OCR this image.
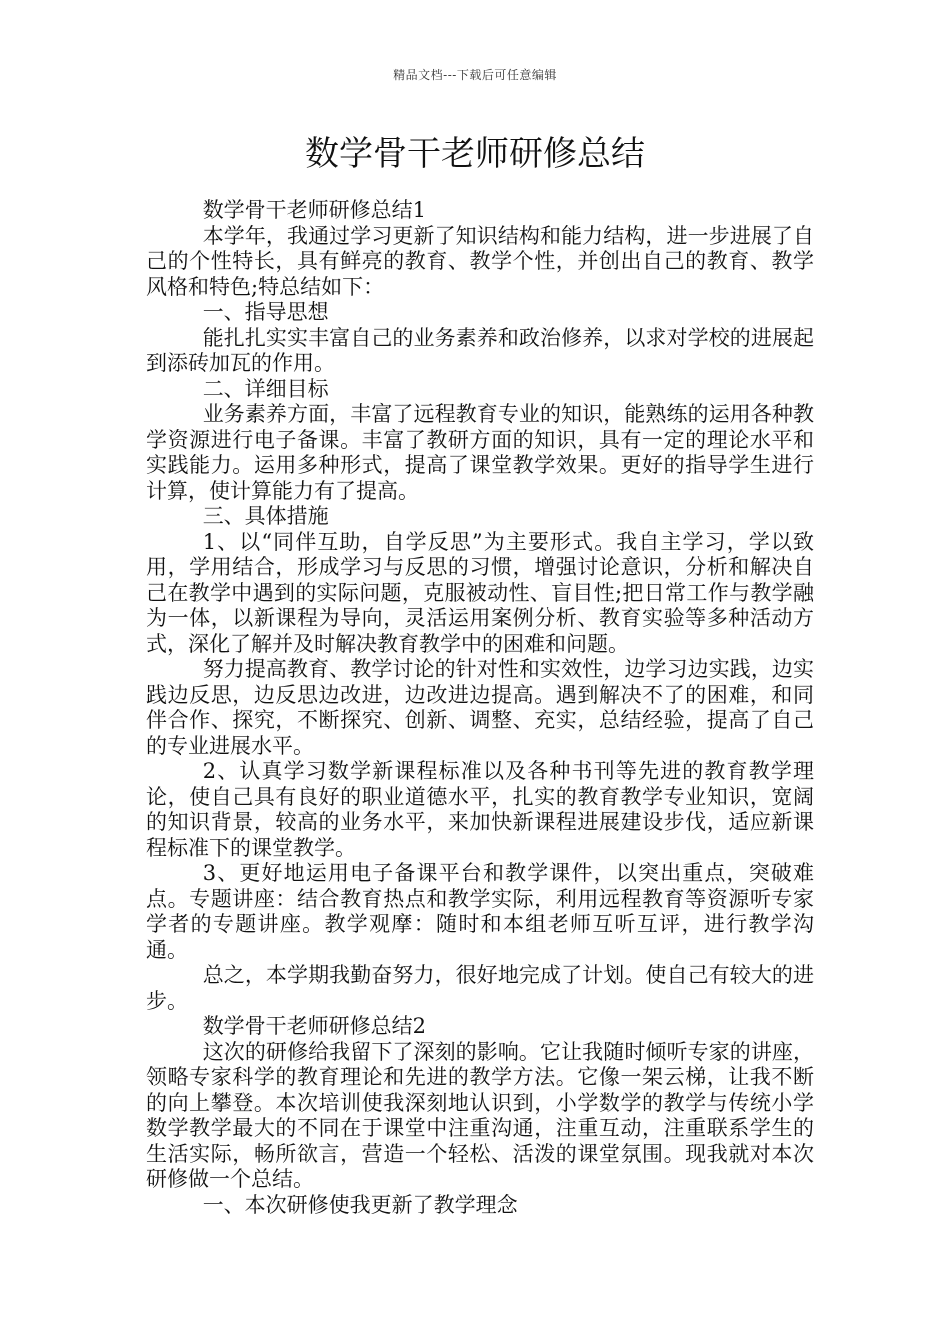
精品文档---下载后可任意编辑
数学骨干老师研修总结

数学骨干老师研修总结1

本学年，我通过学习更新了知识结构和能力结构，进一步进展了自己的个性特长，具有鲜亮的教育、教学个性，并创出自己的教育、教学风格和特色;特总结如下：

一、指导思想

能扎扎实实丰富自己的业务素养和政治修养，以求对学校的进展起到添砖加瓦的作用。

二、详细目标

业务素养方面，丰富了远程教育专业的知识，能熟练的运用各种教学资源进行电子备课。丰富了教研方面的知识，具有一定的理论水平和实践能力。运用多种形式，提高了课堂教学效果。更好的指导学生进行计算，使计算能力有了提高。

三、具体措施

1、以“同伴互助，自学反思”为主要形式。我自主学习，学以致用，学用结合，形成学习与反思的习惯，增强讨论意识，分析和解决自己在教学中遇到的实际问题，克服被动性、盲目性;把日常工作与教学融为一体，以新课程为导向，灵活运用案例分析、教育实验等多种活动方式，深化了解并及时解决教育教学中的困难和问题。

努力提高教育、教学讨论的针对性和实效性，边学习边实践，边实践边反思，边反思边改进，边改进边提高。遇到解决不了的困难，和同伴合作、探究，不断探究、创新、调整、充实，总结经验，提高了自己的专业进展水平。

2、认真学习数学新课程标准以及各种书刊等先进的教育教学理论，使自己具有良好的职业道德水平，扎实的教育教学专业知识，宽阔的知识背景，较高的业务水平，来加快新课程进展建设步伐，适应新课程标准下的课堂教学。

3、更好地运用电子备课平台和教学课件，以突出重点，突破难点。专题讲座：结合教育热点和教学实际，利用远程教育等资源听专家学者的专题讲座。教学观摩：随时和本组老师互听互评，进行教学沟通。

总之，本学期我勤奋努力，很好地完成了计划。使自己有较大的进步。

数学骨干老师研修总结2

这次的研修给我留下了深刻的影响。它让我随时倾听专家的讲座，领略专家科学的教育理论和先进的教学方法。它像一架云梯，让我不断的向上攀登。本次培训使我深刻地认识到，小学数学的教学与传统小学数学教学最大的不同在于课堂中注重沟通，注重互动，注重联系学生的生活实际，畅所欲言，营造一个轻松、活泼的课堂氛围。现我就对本次研修做一个总结。

一、本次研修使我更新了教学理念
